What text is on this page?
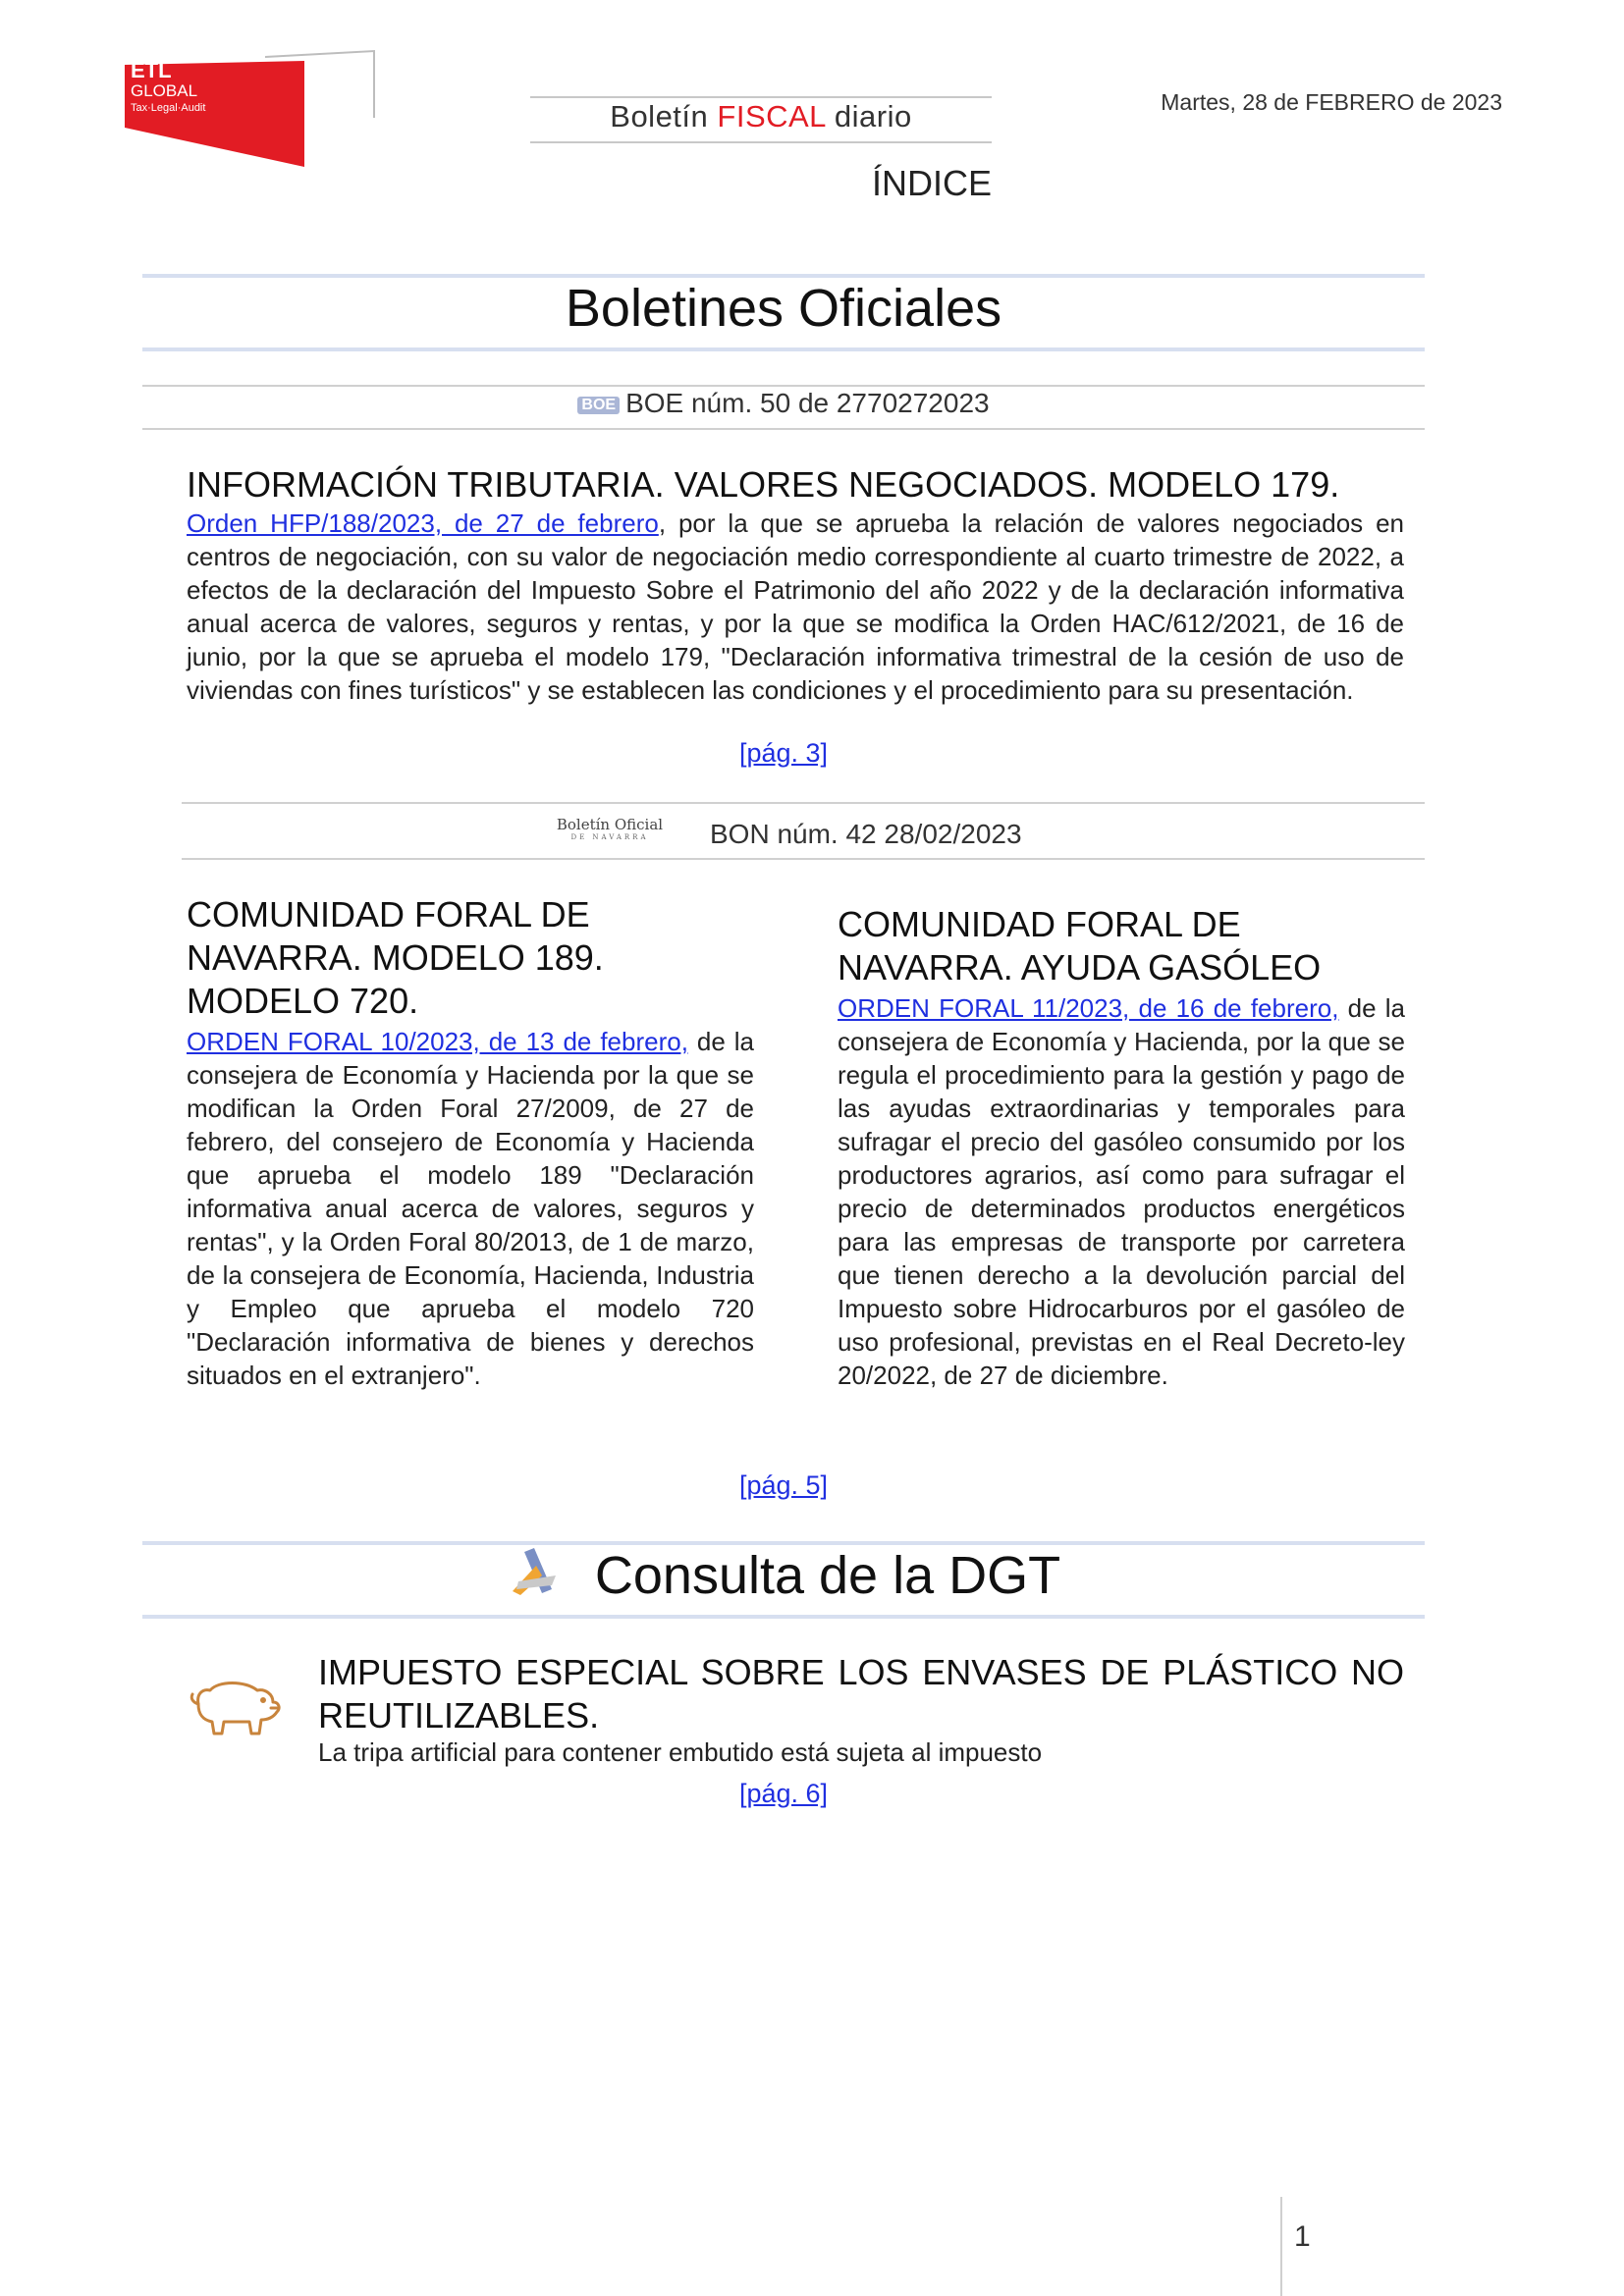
ETL
GLOBAL
Tax·Legal·Audit	Boletín FISCAL diario	Martes, 28 de FEBRERO de 2023
ÍNDICE
Boletines Oficiales
BOE BOE núm. 50 de 2770272023
INFORMACIÓN TRIBUTARIA. VALORES NEGOCIADOS. MODELO 179.
Orden HFP/188/2023, de 27 de febrero, por la que se aprueba la relación de valores negociados en centros de negociación, con su valor de negociación medio correspondiente al cuarto trimestre de 2022, a efectos de la declaración del Impuesto Sobre el Patrimonio del año 2022 y de la declaración informativa anual acerca de valores, seguros y rentas, y por la que se modifica la Orden HAC/612/2021, de 16 de junio, por la que se aprueba el modelo 179, "Declaración informativa trimestral de la cesión de uso de viviendas con fines turísticos" y se establecen las condiciones y el procedimiento para su presentación.
[pág. 3]
Boletín Oficial
DE NAVARRA	BON núm. 42 28/02/2023
COMUNIDAD FORAL DE NAVARRA. MODELO 189. MODELO 720.
ORDEN FORAL 10/2023, de 13 de febrero, de la consejera de Economía y Hacienda por la que se modifican la Orden Foral 27/2009, de 27 de febrero, del consejero de Economía y Hacienda que aprueba el modelo 189 "Declaración informativa anual acerca de valores, seguros y rentas", y la Orden Foral 80/2013, de 1 de marzo, de la consejera de Economía, Hacienda, Industria y Empleo que aprueba el modelo 720 "Declaración informativa de bienes y derechos situados en el extranjero".
COMUNIDAD FORAL DE NAVARRA. AYUDA GASÓLEO
ORDEN FORAL 11/2023, de 16 de febrero, de la consejera de Economía y Hacienda, por la que se regula el procedimiento para la gestión y pago de las ayudas extraordinarias y temporales para sufragar el precio del gasóleo consumido por los productores agrarios, así como para sufragar el precio de determinados productos energéticos para las empresas de transporte por carretera que tienen derecho a la devolución parcial del Impuesto sobre Hidrocarburos por el gasóleo de uso profesional, previstas en el Real Decreto-ley 20/2022, de 27 de diciembre.
[pág. 5]
Consulta de la DGT
IMPUESTO ESPECIAL SOBRE LOS ENVASES DE PLÁSTICO NO REUTILIZABLES.
La tripa artificial para contener embutido está sujeta al impuesto
[pág. 6]
1
